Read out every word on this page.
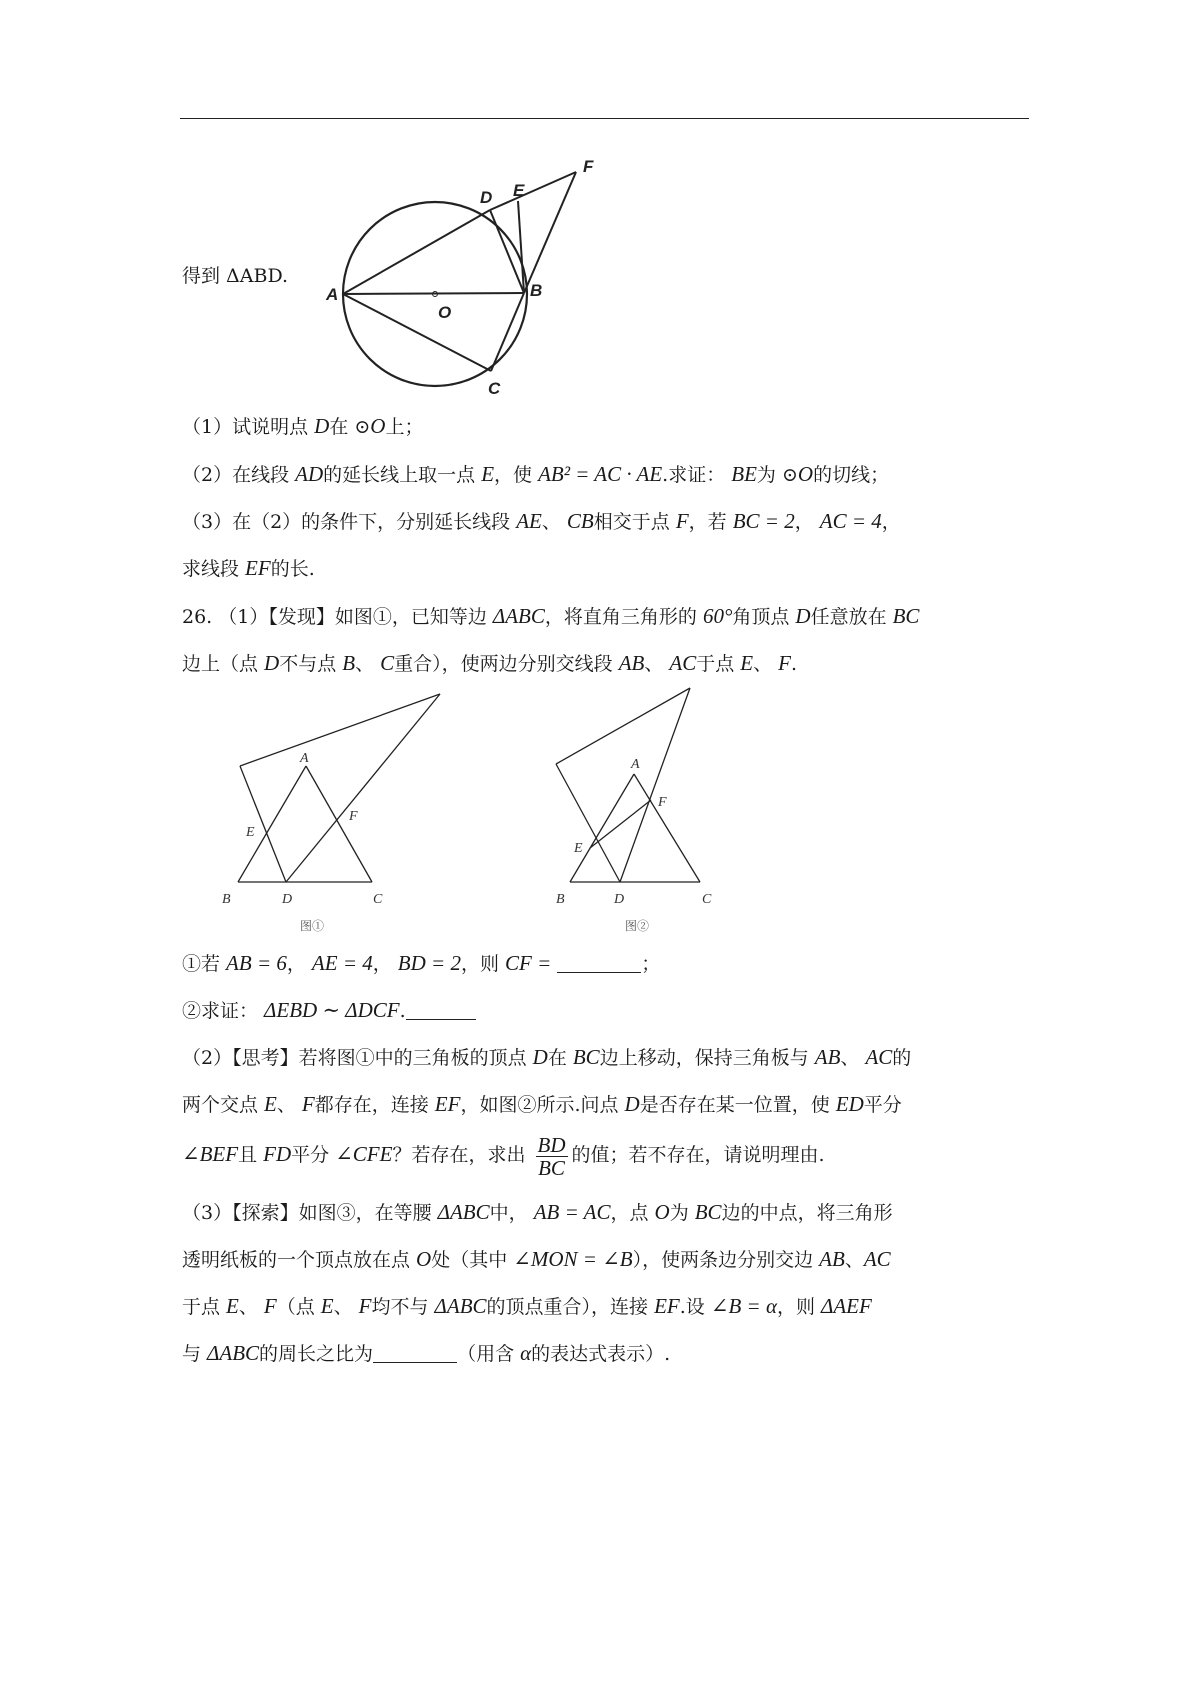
A	B
C
D E
F
O
得到 ΔABD.
（1）试说明点 D在 ⊙O上；
（2）在线段 AD的延长线上取一点 E，使 AB² = AC · AE.求证： BE为 ⊙O的切线；
（3）在（2）的条件下，分别延长线段 AE、 CB相交于点 F，若 BC = 2， AC = 4，
求线段 EF的长.
26. （1）【发现】如图①，已知等边 ΔABC，将直角三角形的 60°角顶点 D任意放在 BC
边上（点 D不与点 B、 C重合），使两边分别交线段 AB、 AC于点 E、 F.
A
B	C
D
E
F
图①
A
B	C
D
E
F
图②
①若 AB = 6， AE = 4， BD = 2，则 CF =	；
②求证： ΔEBD ∼ ΔDCF.
（2）【思考】若将图①中的三角板的顶点 D在 BC边上移动，保持三角板与 AB、 AC的
两个交点 E、 F都存在，连接 EF，如图②所示.问点 D是否存在某一位置，使 ED平分
∠BEF且 FD平分 ∠CFE？若存在，求出 $\frac{BD}{BC}$ 的值；若不存在，请说明理由.
（3）【探索】如图③，在等腰 ΔABC中， AB = AC，点 O为 BC边的中点，将三角形
透明纸板的一个顶点放在点 O处（其中 ∠MON = ∠B），使两条边分别交边 AB、AC
于点 E、 F（点 E、 F均不与 ΔABC的顶点重合），连接 EF.设 ∠B = α，则 ΔAEF
与 ΔABC的周长之比为	（用含 α的表达式表示）.
